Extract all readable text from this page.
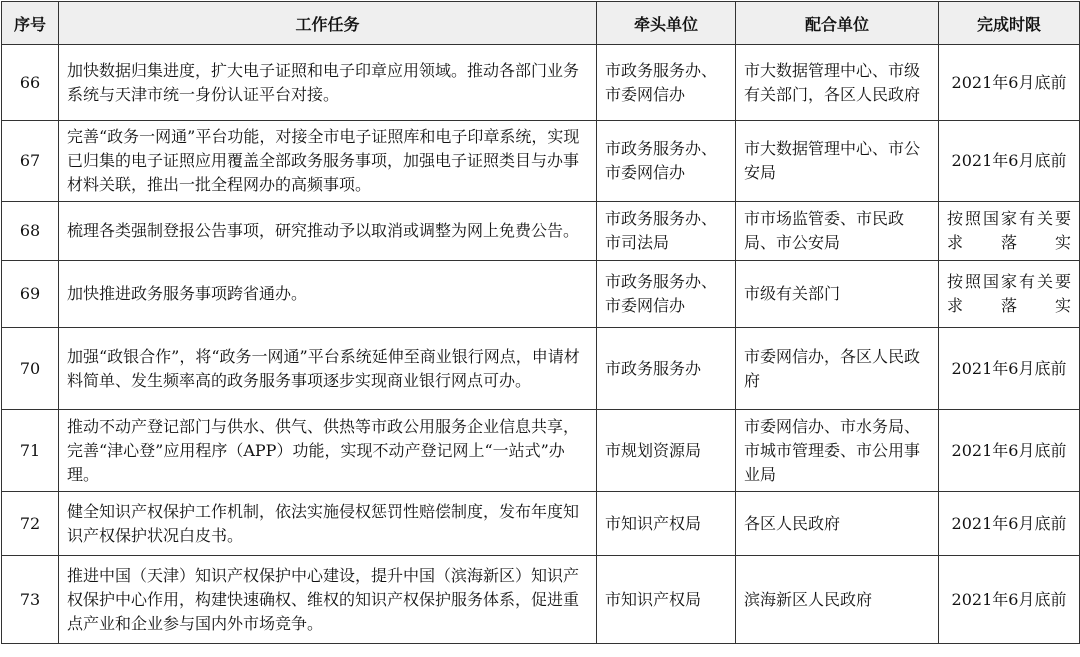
序号	工作任务	牵头单位	配合单位	完成时限
66	加快数据归集进度，扩大电子证照和电子印章应用领域。推动各部门业务系统与天津市统一身份认证平台对接。	市政务服务办、市委网信办	市大数据管理中心、市级有关部门，各区人民政府	2021年6月底前
67	完善“政务一网通”平台功能，对接全市电子证照库和电子印章系统，实现已归集的电子证照应用覆盖全部政务服务事项，加强电子证照类目与办事材料关联，推出一批全程网办的高频事项。	市政务服务办、市委网信办	市大数据管理中心、市公安局	2021年6月底前
68	梳理各类强制登报公告事项，研究推动予以取消或调整为网上免费公告。	市政务服务办、市司法局	市市场监管委、市民政局、市公安局	按照国家有关要求落实
69	加快推进政务服务事项跨省通办。	市政务服务办、市委网信办	市级有关部门	按照国家有关要求落实
70	加强“政银合作”，将“政务一网通”平台系统延伸至商业银行网点，申请材料简单、发生频率高的政务服务事项逐步实现商业银行网点可办。	市政务服务办	市委网信办，各区人民政府	2021年6月底前
71	推动不动产登记部门与供水、供气、供热等市政公用服务企业信息共享，完善“津心登”应用程序（APP）功能，实现不动产登记网上“一站式”办理。	市规划资源局	市委网信办、市水务局、市城市管理委、市公用事业局	2021年6月底前
72	健全知识产权保护工作机制，依法实施侵权惩罚性赔偿制度，发布年度知识产权保护状况白皮书。	市知识产权局	各区人民政府	2021年6月底前
73	推进中国（天津）知识产权保护中心建设，提升中国（滨海新区）知识产权保护中心作用，构建快速确权、维权的知识产权保护服务体系，促进重点产业和企业参与国内外市场竞争。	市知识产权局	滨海新区人民政府	2021年6月底前
